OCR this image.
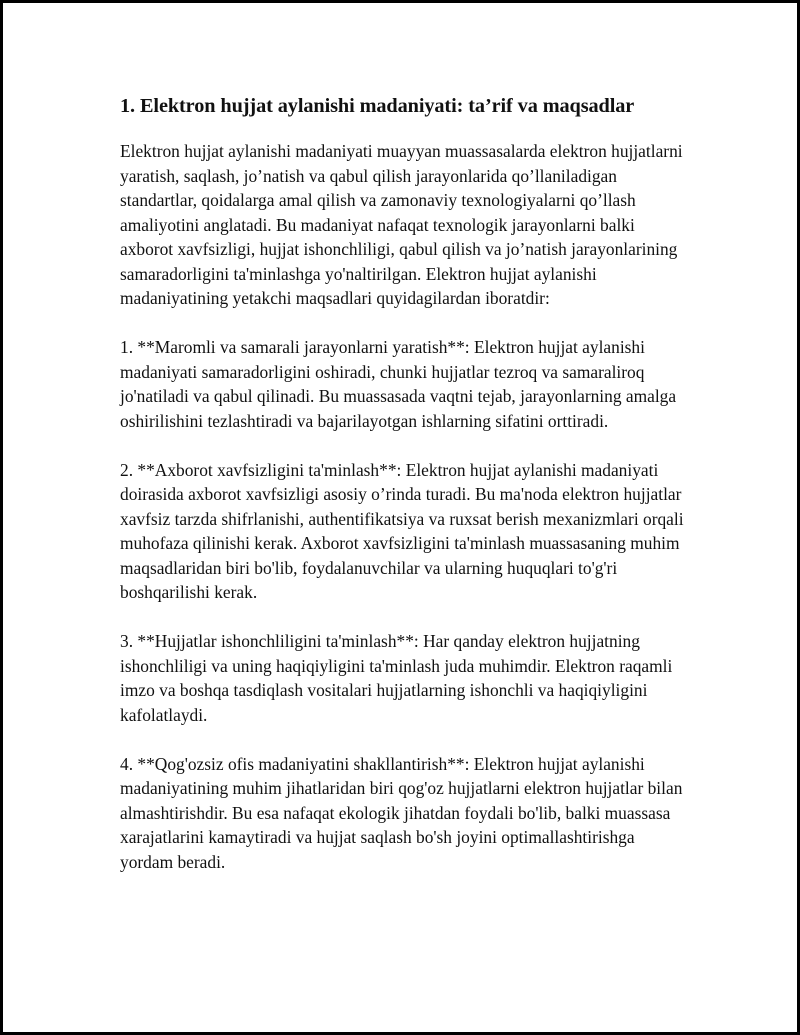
1. Elektron hujjat aylanishi madaniyati: ta’rif va maqsadlar

Elektron hujjat aylanishi madaniyati muayyan muassasalarda elektron hujjatlarni yaratish, saqlash, jo’natish va qabul qilish jarayonlarida qo’llaniladigan standartlar, qoidalarga amal qilish va zamonaviy texnologiyalarni qo’llash amaliyotini anglatadi. Bu madaniyat nafaqat texnologik jarayonlarni balki axborot xavfsizligi, hujjat ishonchliligi, qabul qilish va jo’natish jarayonlarining samaradorligini ta'minlashga yo'naltirilgan. Elektron hujjat aylanishi madaniyatining yetakchi maqsadlari quyidagilardan iboratdir:

1. **Maromli va samarali jarayonlarni yaratish**: Elektron hujjat aylanishi madaniyati samaradorligini oshiradi, chunki hujjatlar tezroq va samaraliroq jo'natiladi va qabul qilinadi. Bu muassasada vaqtni tejab, jarayonlarning amalga oshirilishini tezlashtiradi va bajarilayotgan ishlarning sifatini orttiradi.

2. **Axborot xavfsizligini ta'minlash**: Elektron hujjat aylanishi madaniyati doirasida axborot xavfsizligi asosiy o’rinda turadi. Bu ma'noda elektron hujjatlar xavfsiz tarzda shifrlanishi, authentifikatsiya va ruxsat berish mexanizmlari orqali muhofaza qilinishi kerak. Axborot xavfsizligini ta'minlash muassasaning muhim maqsadlaridan biri bo'lib, foydalanuvchilar va ularning huquqlari to'g'ri boshqarilishi kerak.

3. **Hujjatlar ishonchliligini ta'minlash**: Har qanday elektron hujjatning ishonchliligi va uning haqiqiyligini ta'minlash juda muhimdir. Elektron raqamli imzo va boshqa tasdiqlash vositalari hujjatlarning ishonchli va haqiqiyligini kafolatlaydi.

4. **Qog'ozsiz ofis madaniyatini shakllantirish**: Elektron hujjat aylanishi madaniyatining muhim jihatlaridan biri qog'oz hujjatlarni elektron hujjatlar bilan almashtirishdir. Bu esa nafaqat ekologik jihatdan foydali bo'lib, balki muassasa xarajatlarini kamaytiradi va hujjat saqlash bo'sh joyini optimallashtirishga yordam beradi.
